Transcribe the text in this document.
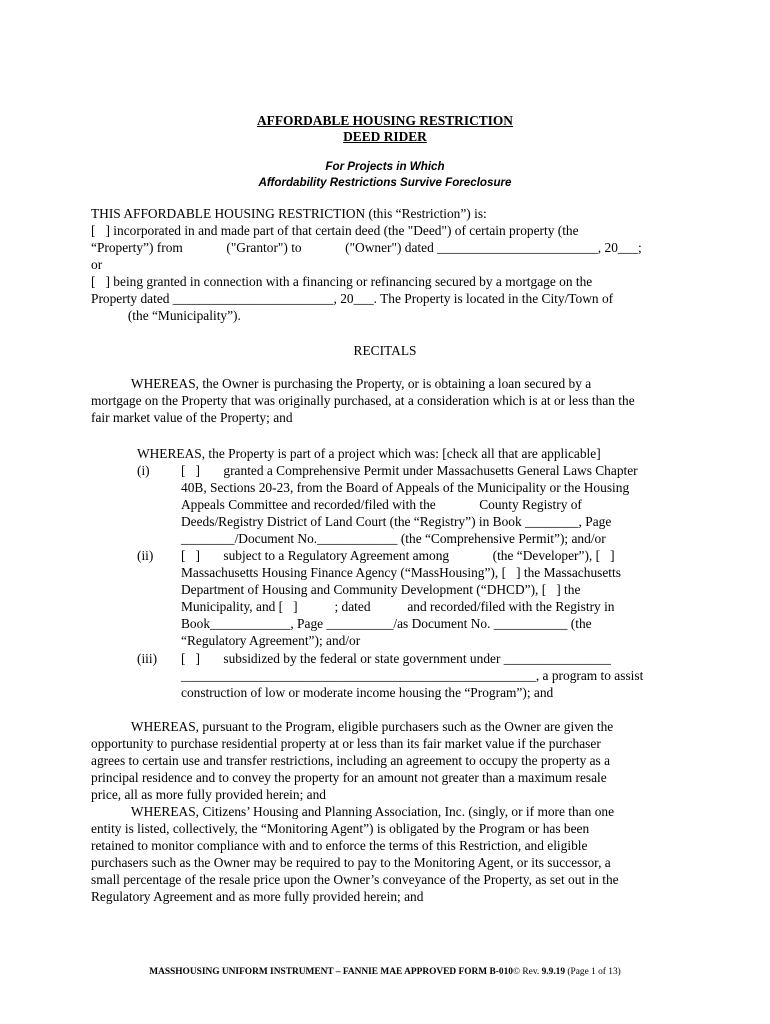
AFFORDABLE HOUSING RESTRICTION
DEED RIDER
For Projects in Which
Affordability Restrictions Survive Foreclosure
THIS AFFORDABLE HOUSING RESTRICTION (this “Restriction”) is:
[   ] incorporated in and made part of that certain deed (the "Deed") of certain property (the
“Property”) from             ("Grantor") to             ("Owner") dated ________________________, 20___;
or
[   ] being granted in connection with a financing or refinancing secured by a mortgage on the
Property dated ________________________, 20___. The Property is located in the City/Town of
(the “Municipality”).
RECITALS
WHEREAS, the Owner is purchasing the Property, or is obtaining a loan secured by a
mortgage on the Property that was originally purchased, at a consideration which is at or less than the
fair market value of the Property; and
WHEREAS, the Property is part of a project which was: [check all that are applicable]
(i) [   ]       granted a Comprehensive Permit under Massachusetts General Laws Chapter
40B, Sections 20-23, from the Board of Appeals of the Municipality or the Housing
Appeals Committee and recorded/filed with the             County Registry of
Deeds/Registry District of Land Court (the “Registry”) in Book ________, Page
________/Document No.____________ (the “Comprehensive Permit”); and/or
(ii) [   ]       subject to a Regulatory Agreement among             (the “Developer”), [   ]
Massachusetts Housing Finance Agency (“MassHousing”), [   ] the Massachusetts
Department of Housing and Community Development (“DHCD”), [   ] the
Municipality, and [   ]           ; dated           and recorded/filed with the Registry in
Book____________, Page __________/as Document No. ___________ (the
“Regulatory Agreement”); and/or
(iii) [   ]       subsidized by the federal or state government under ________________
_____________________________________________________, a program to assist
construction of low or moderate income housing the “Program”); and
WHEREAS, pursuant to the Program, eligible purchasers such as the Owner are given the
opportunity to purchase residential property at or less than its fair market value if the purchaser
agrees to certain use and transfer restrictions, including an agreement to occupy the property as a
principal residence and to convey the property for an amount not greater than a maximum resale
price, all as more fully provided herein; and
WHEREAS, Citizens’ Housing and Planning Association, Inc. (singly, or if more than one
entity is listed, collectively, the “Monitoring Agent”) is obligated by the Program or has been
retained to monitor compliance with and to enforce the terms of this Restriction, and eligible
purchasers such as the Owner may be required to pay to the Monitoring Agent, or its successor, a
small percentage of the resale price upon the Owner’s conveyance of the Property, as set out in the
Regulatory Agreement and as more fully provided herein; and
MASSHOUSING UNIFORM INSTRUMENT – FANNIE MAE APPROVED FORM B-010© Rev. 9.9.19 (Page 1 of 13)
